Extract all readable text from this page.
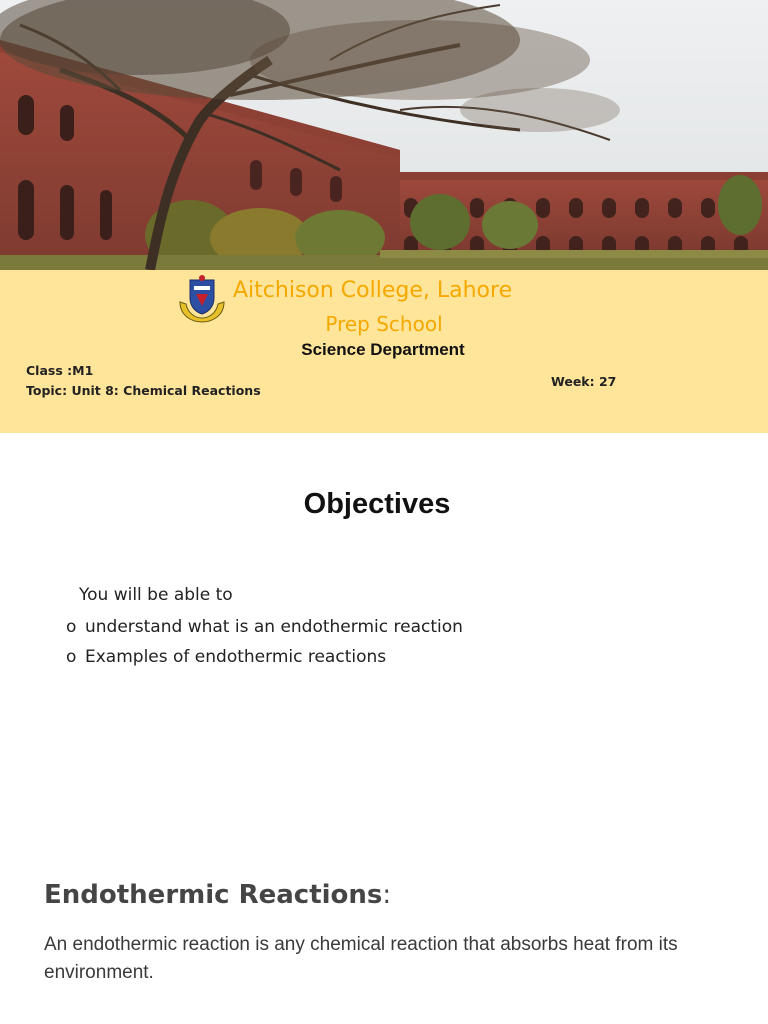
Aitchison College, Lahore
Prep School
Science Department
Class :M1
Topic: Unit 8: Chemical Reactions
Week: 27
Objectives
You will be able to
o understand what is an endothermic reaction
o Examples of endothermic reactions
Endothermic Reactions:
An endothermic reaction is any chemical reaction that absorbs heat from its environment.
